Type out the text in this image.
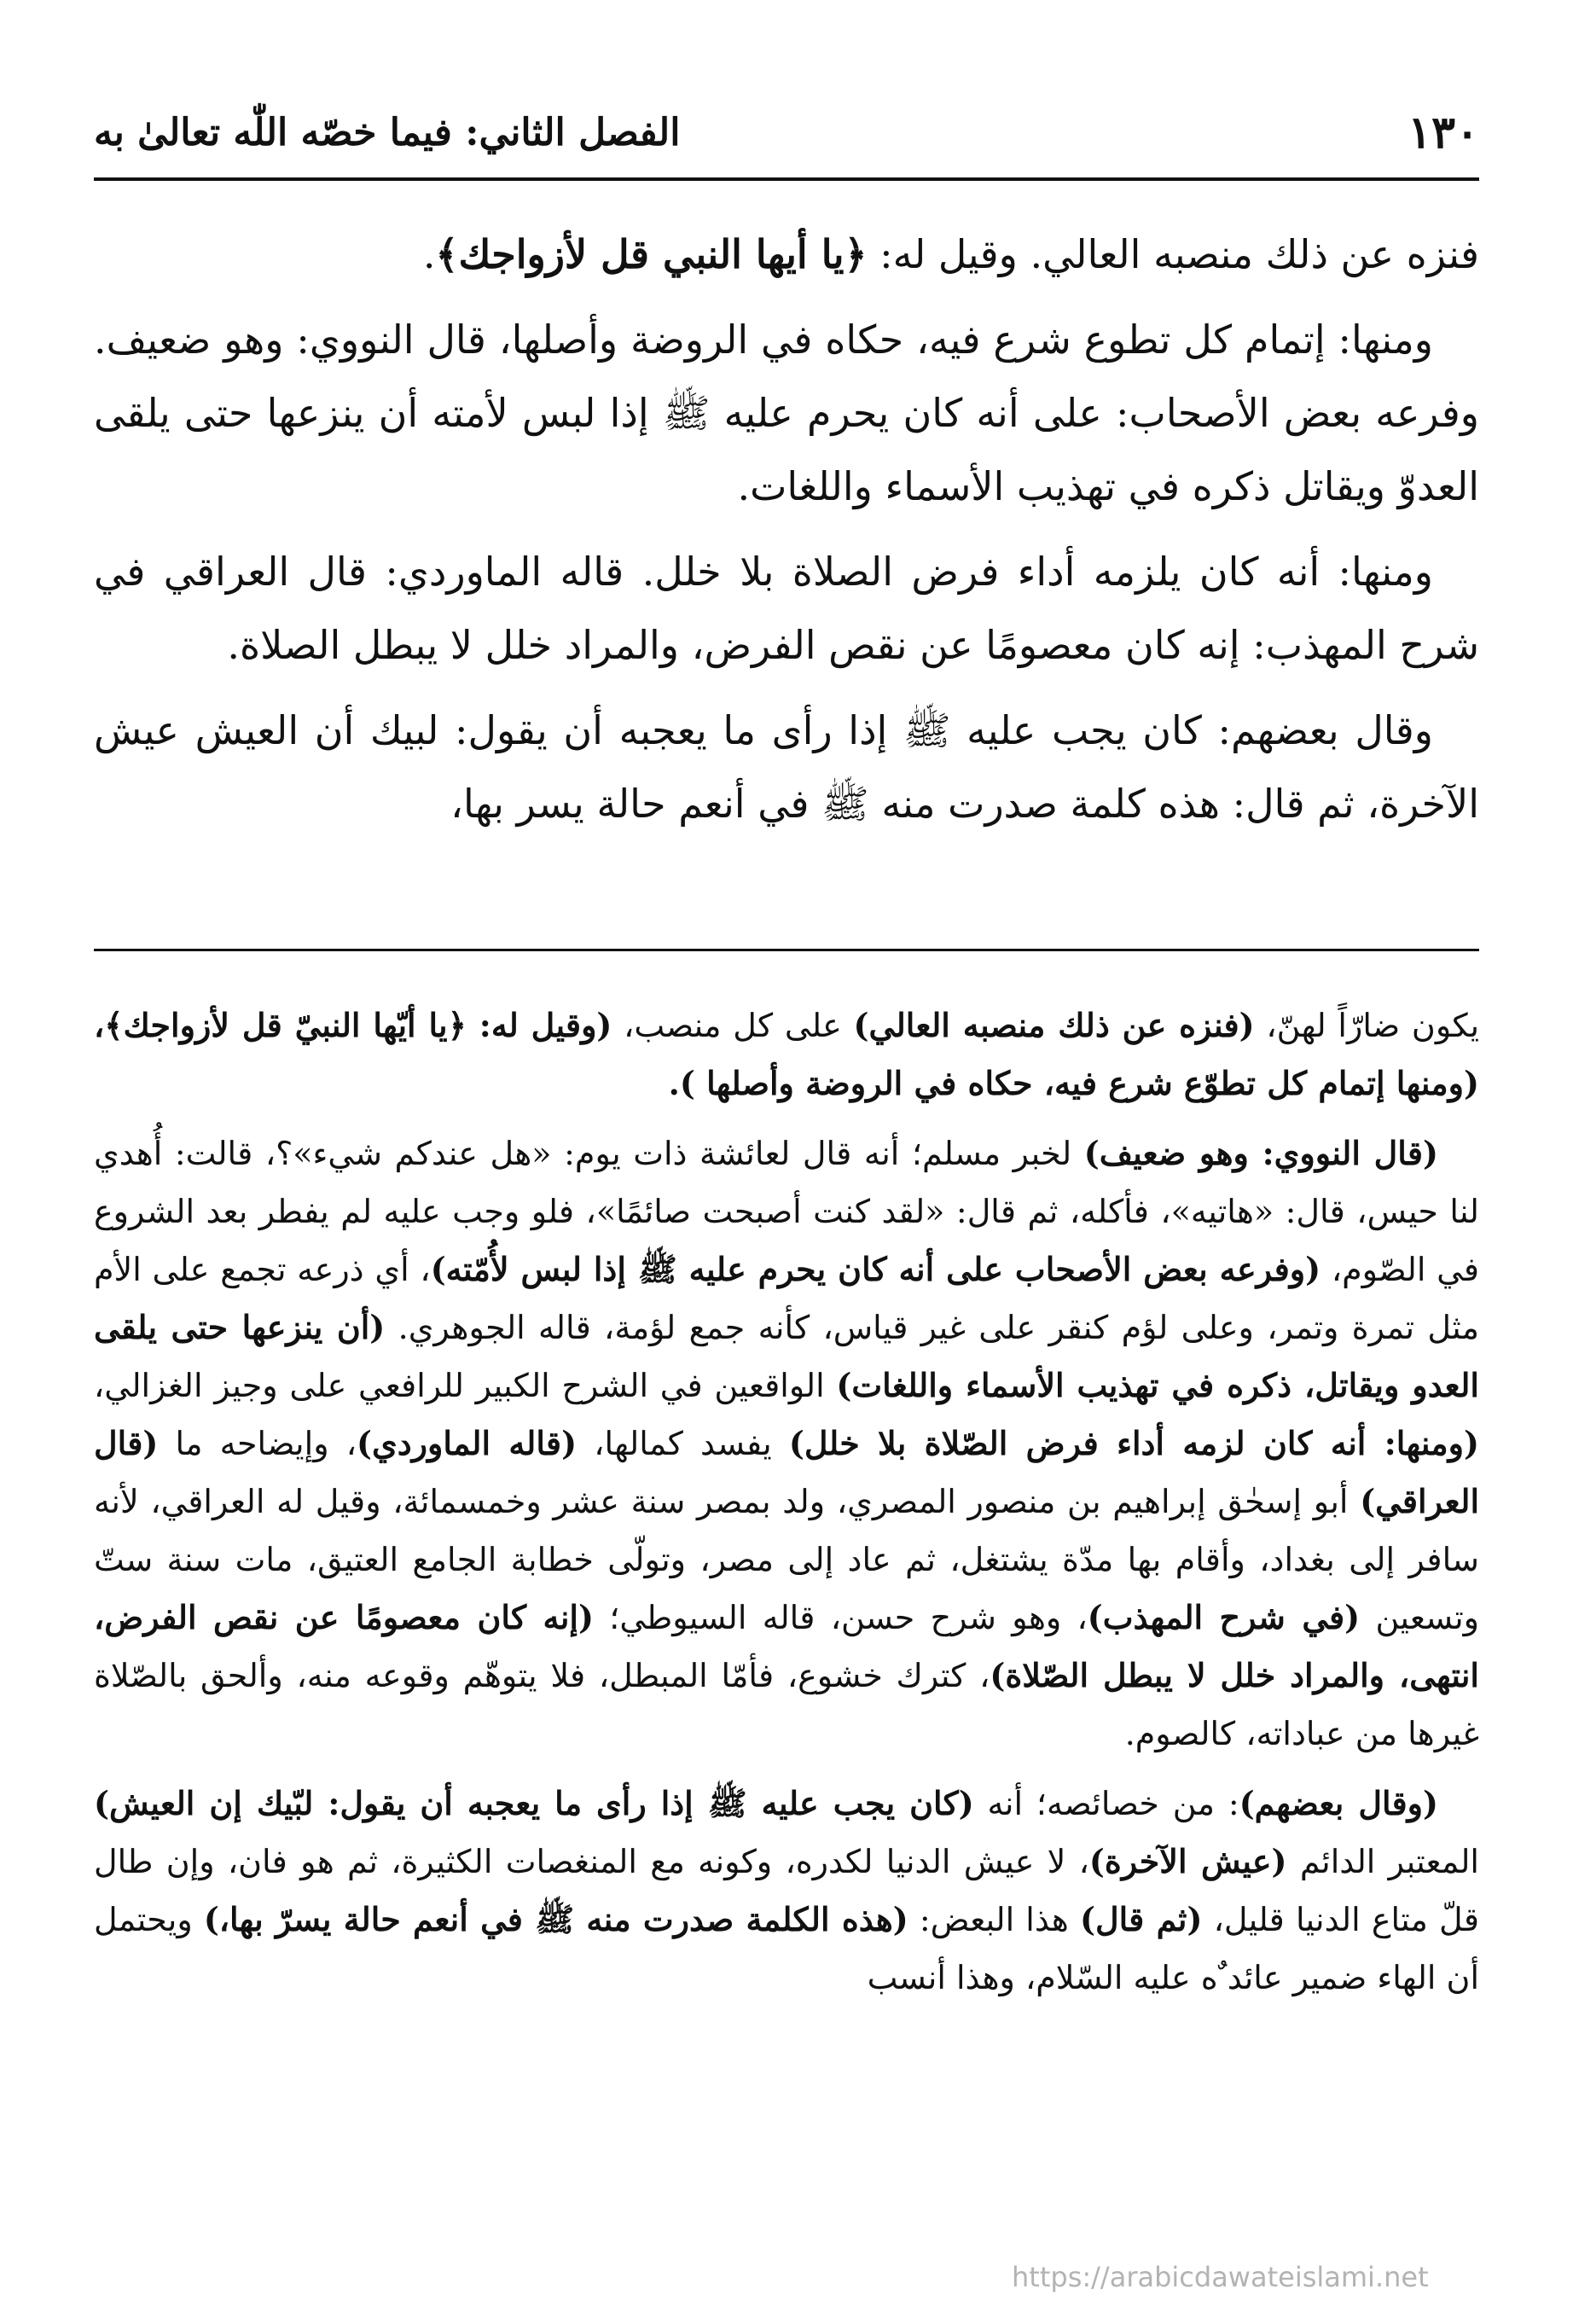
١٣٠
الفصل الثاني: فيما خصّه اللّٰه تعالىٰ به

فنزه عن ذلك منصبه العالي. وقيل له: ﴿يا أيها النبي قل لأزواجك﴾.

ومنها: إتمام كل تطوع شرع فيه، حكاه في الروضة وأصلها، قال النووي: وهو ضعيف. وفرعه بعض الأصحاب: على أنه كان يحرم عليه ﷺ إذا لبس لأمته أن ينزعها حتى يلقى العدوّ ويقاتل ذكره في تهذيب الأسماء واللغات.

ومنها: أنه كان يلزمه أداء فرض الصلاة بلا خلل. قاله الماوردي: قال العراقي في شرح المهذب: إنه كان معصومًا عن نقص الفرض، والمراد خلل لا يبطل الصلاة.

وقال بعضهم: كان يجب عليه ﷺ إذا رأى ما يعجبه أن يقول: لبيك أن العيش عيش الآخرة، ثم قال: هذه كلمة صدرت منه ﷺ في أنعم حالة يسر بها،

يكون ضارّاً لهنّ، (فنزه عن ذلك منصبه العالي) على كل منصب، (وقيل له: ﴿يا أيّها النبيّ قل لأزواجك﴾، (ومنها إتمام كل تطوّع شرع فيه، حكاه في الروضة وأصلها ).

(قال النووي: وهو ضعيف) لخبر مسلم؛ أنه قال لعائشة ذات يوم: «هل عندكم شيء»؟، قالت: أُهدي لنا حيس، قال: «هاتيه»، فأكله، ثم قال: «لقد كنت أصبحت صائمًا»، فلو وجب عليه لم يفطر بعد الشروع في الصّوم، (وفرعه بعض الأصحاب على أنه كان يحرم عليه ﷺ إذا لبس لأُمّته)، أي ذرعه تجمع على الأم مثل تمرة وتمر، وعلى لؤم كنقر على غير قياس، كأنه جمع لؤمة، قاله الجوهري. (أن ينزعها حتى يلقى العدو ويقاتل، ذكره في تهذيب الأسماء واللغات) الواقعين في الشرح الكبير للرافعي على وجيز الغزالي، (ومنها: أنه كان لزمه أداء فرض الصّلاة بلا خلل) يفسد كمالها، (قاله الماوردي)، وإيضاحه ما (قال العراقي) أبو إسحٰق إبراهيم بن منصور المصري، ولد بمصر سنة عشر وخمسمائة، وقيل له العراقي، لأنه سافر إلى بغداد، وأقام بها مدّة يشتغل، ثم عاد إلى مصر، وتولّى خطابة الجامع العتيق، مات سنة ستّ وتسعين (في شرح المهذب)، وهو شرح حسن، قاله السيوطي؛ (إنه كان معصومًا عن نقص الفرض، انتهى، والمراد خلل لا يبطل الصّلاة)، كترك خشوع، فأمّا المبطل، فلا يتوهّم وقوعه منه، وألحق بالصّلاة غيرها من عباداته، كالصوم.

(وقال بعضهم): من خصائصه؛ أنه (كان يجب عليه ﷺ إذا رأى ما يعجبه أن يقول: لبّيك إن العيش) المعتبر الدائم (عيش الآخرة)، لا عيش الدنيا لكدره، وكونه مع المنغصات الكثيرة، ثم هو فان، وإن طال قلّ متاع الدنيا قليل، (ثم قال) هذا البعض: (هذه الكلمة صدرت منه ﷺ في أنعم حالة يسرّ بها،) ويحتمل أن الهاء ضمير عائد ٌه عليه السّلام، وهذا أنسب

https://arabicdawateislami.net
